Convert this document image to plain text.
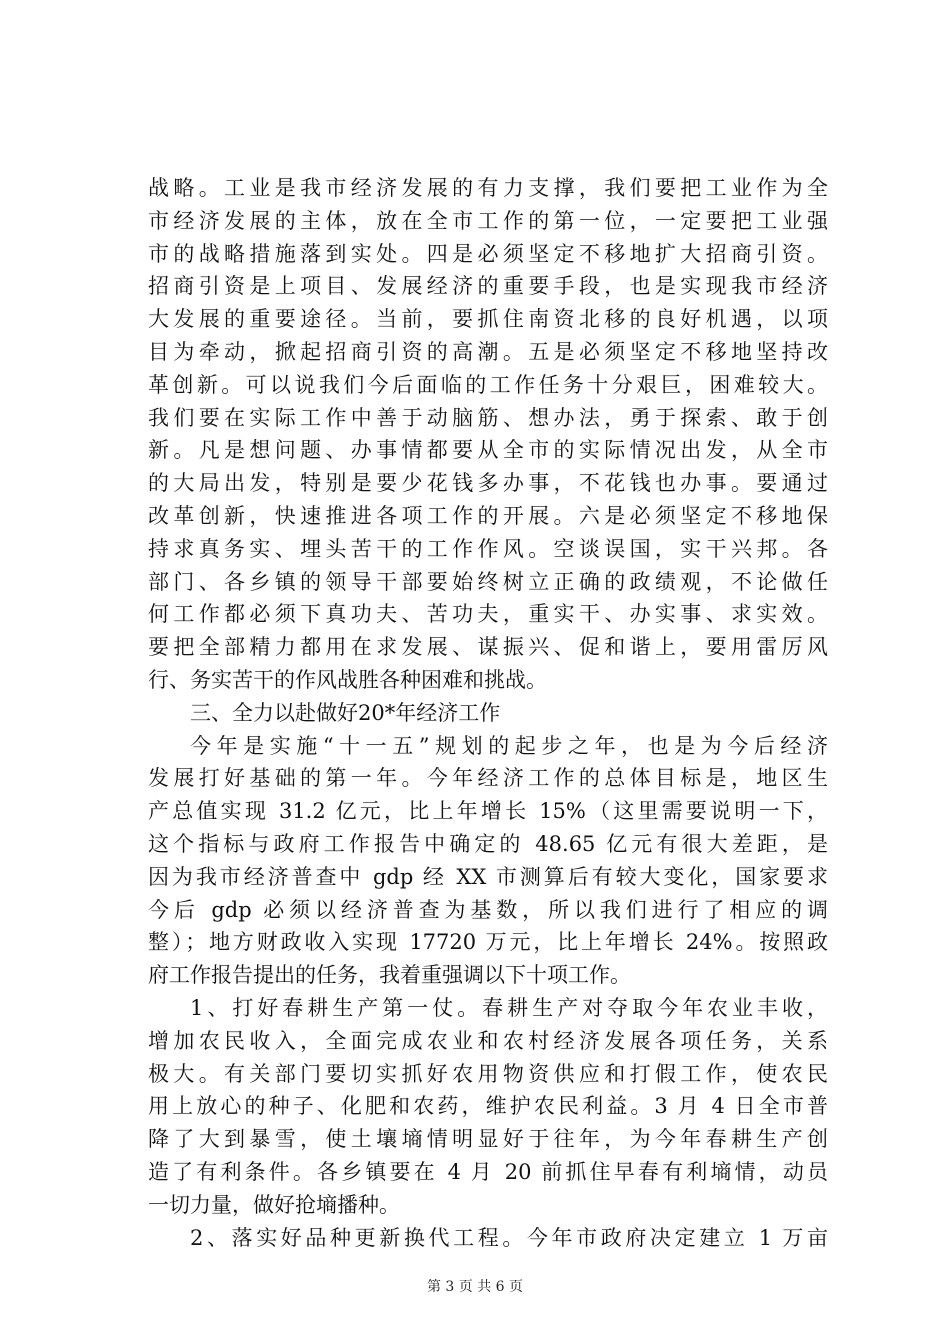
战略。工业是我市经济发展的有力支撑，我们要把工业作为全
市经济发展的主体，放在全市工作的第一位，一定要把工业强
市的战略措施落到实处。四是必须坚定不移地扩大招商引资。
招商引资是上项目、发展经济的重要手段，也是实现我市经济
大发展的重要途径。当前，要抓住南资北移的良好机遇，以项
目为牵动，掀起招商引资的高潮。五是必须坚定不移地坚持改
革创新。可以说我们今后面临的工作任务十分艰巨，困难较大。
我们要在实际工作中善于动脑筋、想办法，勇于探索、敢于创
新。凡是想问题、办事情都要从全市的实际情况出发，从全市
的大局出发，特别是要少花钱多办事，不花钱也办事。要通过
改革创新，快速推进各项工作的开展。六是必须坚定不移地保
持求真务实、埋头苦干的工作作风。空谈误国，实干兴邦。各
部门、各乡镇的领导干部要始终树立正确的政绩观，不论做任
何工作都必须下真功夫、苦功夫，重实干、办实事、求实效。
要把全部精力都用在求发展、谋振兴、促和谐上，要用雷厉风
行、务实苦干的作风战胜各种困难和挑战。
三、全力以赴做好20*年经济工作
今年是实施“十一五”规划的起步之年，也是为今后经济
发展打好基础的第一年。今年经济工作的总体目标是，地区生
产总值实现 31.2 亿元，比上年增长 15%（这里需要说明一下，
这个指标与政府工作报告中确定的 48.65 亿元有很大差距，是
因为我市经济普查中 gdp 经 XX 市测算后有较大变化，国家要求
今后 gdp 必须以经济普查为基数，所以我们进行了相应的调
整）；地方财政收入实现 17720 万元，比上年增长 24%。按照政
府工作报告提出的任务，我着重强调以下十项工作。
1、打好春耕生产第一仗。春耕生产对夺取今年农业丰收，
增加农民收入，全面完成农业和农村经济发展各项任务，关系
极大。有关部门要切实抓好农用物资供应和打假工作，使农民
用上放心的种子、化肥和农药，维护农民利益。3 月 4 日全市普
降了大到暴雪，使土壤墒情明显好于往年，为今年春耕生产创
造了有利条件。各乡镇要在 4 月 20 前抓住早春有利墒情，动员
一切力量，做好抢墒播种。
2、落实好品种更新换代工程。今年市政府决定建立 1 万亩
第 3 页 共 6 页
